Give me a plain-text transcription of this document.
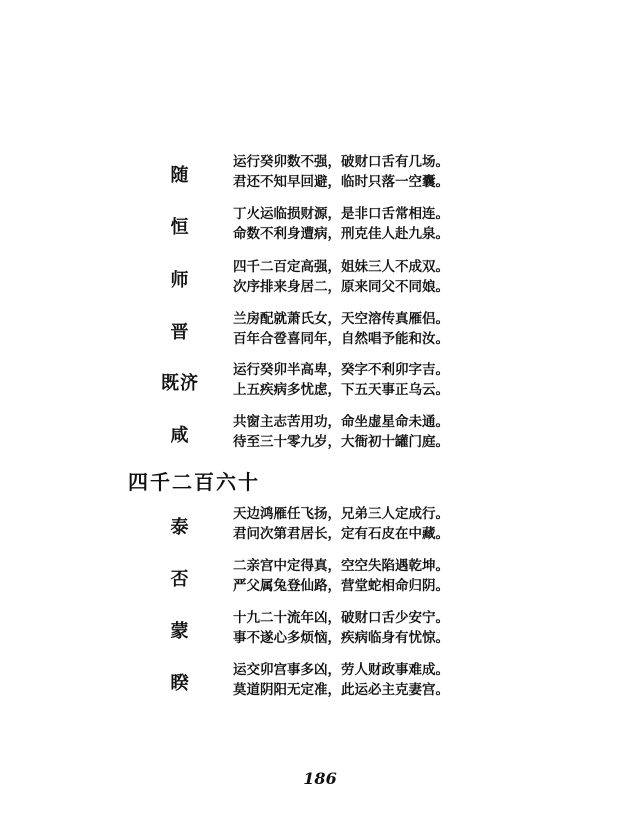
随
运行癸卯数不强，破财口舌有几场。
君还不知早回避，临时只落一空囊。
恒
丁火运临损财源，是非口舌常相连。
命数不利身遭病，刑克佳人赴九泉。
师
四千二百定高强，姐妹三人不成双。
次序排来身居二，原来同父不同娘。
晋
兰房配就萧氏女，天空溶传真雁侣。
百年合卺喜同年，自然唱予能和汝。
既济
运行癸卯半高卑，癸字不利卯字吉。
上五疾病多忧虑，下五天事正乌云。
咸
共窗主志苦用功，命坐虚星命未通。
待至三十零九岁，大衙初十罐门庭。
四千二百六十
泰
天边鸿雁任飞扬，兄弟三人定成行。
君问次第君居长，定有石皮在中藏。
否
二亲宫中定得真，空空失陷遇乾坤。
严父属兔登仙路，营堂蛇相命归阴。
蒙
十九二十流年凶，破财口舌少安宁。
事不遂心多烦恼，疾病临身有忧惊。
睽
运交卯宫事多凶，劳人财政事难成。
莫道阴阳无定准，此运必主克妻宫。
186
